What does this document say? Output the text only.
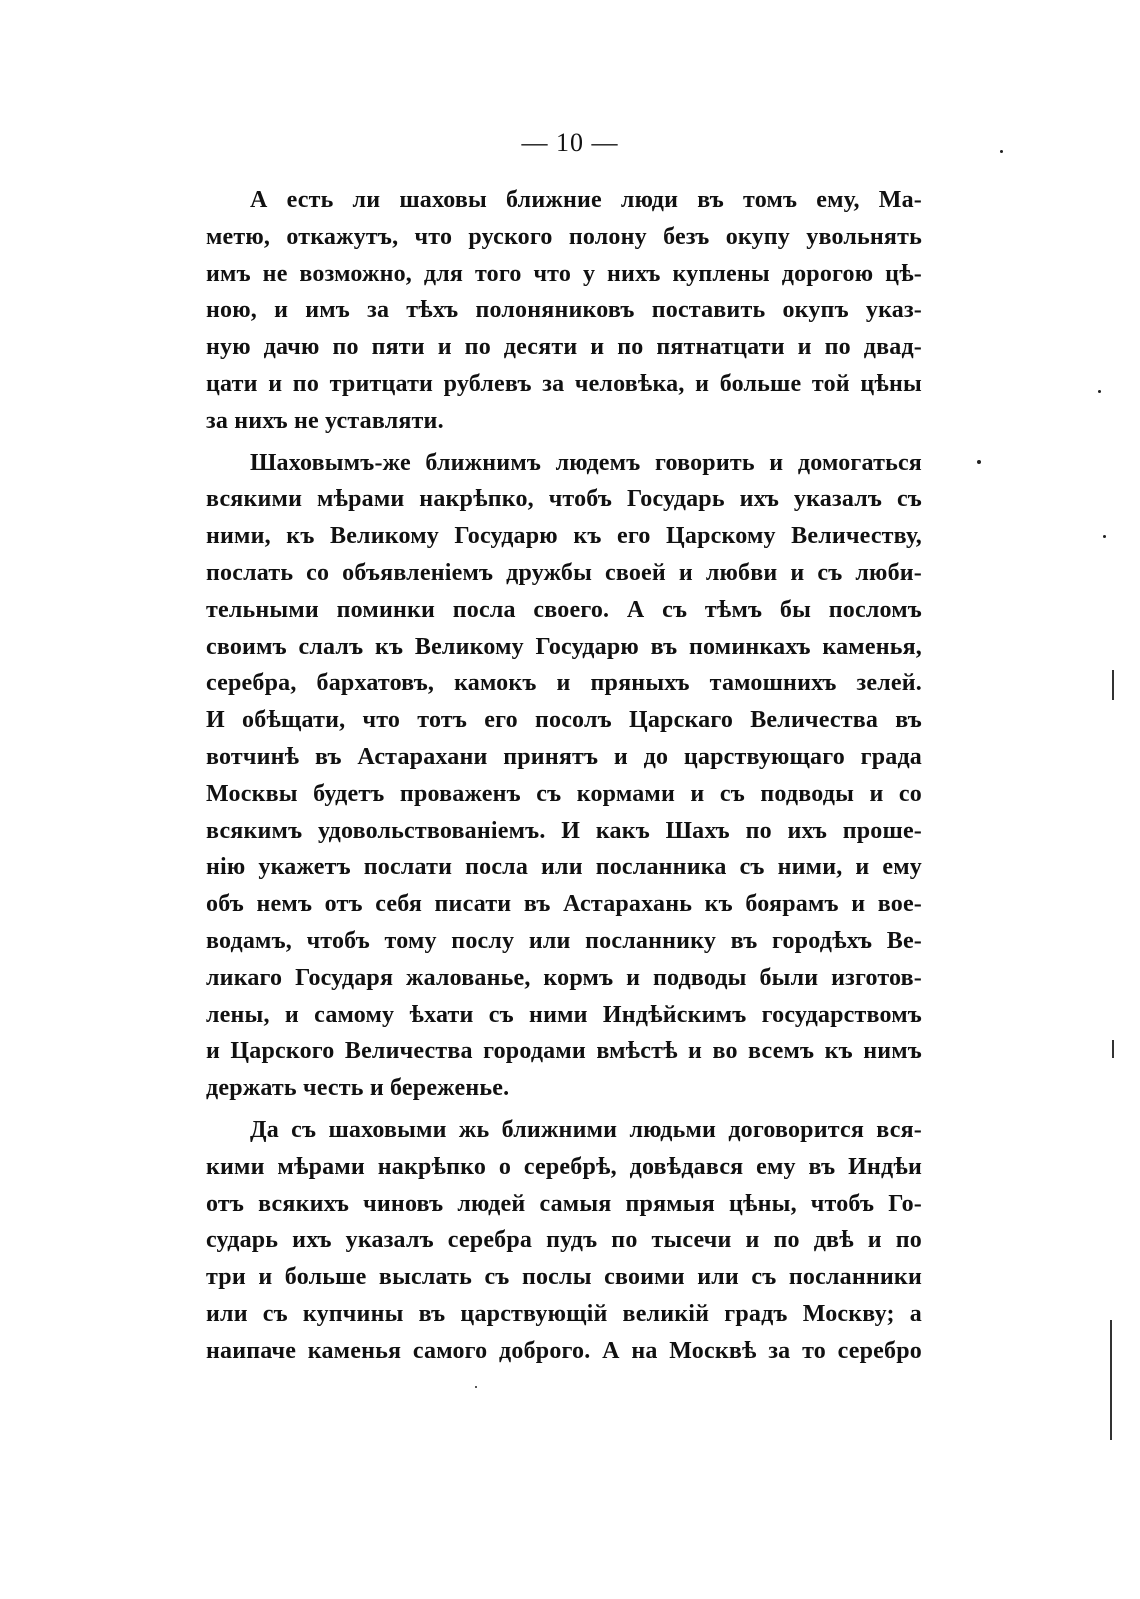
— 10 —
А есть ли шаховы ближние люди въ томъ ему, Ма-
метю, откажутъ, что руского полону безъ окупу увольнять
имъ не возможно, для того что у нихъ куплены дорогою цѣ-
ною, и имъ за тѣхъ полоняниковъ поставить окупъ указ-
ную дачю по пяти и по десяти и по пятнатцати и по двад-
цати и по тритцати рублевъ за человѣка, и больше той цѣны
за нихъ не уставляти.
Шаховымъ-же ближнимъ людемъ говорить и домогаться
всякими мѣрами накрѣпко, чтобъ Государь ихъ указалъ съ
ними, къ Великому Государю къ его Царскому Величеству,
послать со объявленіемъ дружбы своей и любви и съ люби-
тельными поминки посла своего. А съ тѣмъ бы посломъ
своимъ слалъ къ Великому Государю въ поминкахъ каменья,
серебра, бархатовъ, камокъ и пряныхъ тамошнихъ зелей.
И обѣщати, что тотъ его посолъ Царскаго Величества въ
вотчинѣ въ Астарахани принятъ и до царствующаго града
Москвы будетъ провaженъ съ кормами и съ подводы и со
всякимъ удовольствованіемъ. И какъ Шахъ по ихъ проше-
нію укажетъ послати посла или посланника съ ними, и ему
объ немъ отъ себя писати въ Астарахань къ боярамъ и вое-
водамъ, чтобъ тому послу или посланнику въ городѣхъ Ве-
ликаго Государя жалованье, кормъ и подводы были изготов-
лены, и самому ѣхати съ ними Индѣйскимъ государствомъ
и Царского Величества городами вмѣстѣ и во всемъ къ нимъ
держать честь и береженье.
Да съ шаховыми жь ближними людьми договорится вся-
кими мѣрами накрѣпко о серебрѣ, довѣдався ему въ Индѣи
отъ всякихъ чиновъ людей самыя прямыя цѣны, чтобъ Го-
сударь ихъ указалъ серебра пудъ по тысечи и по двѣ и по
три и больше выслать съ послы своими или съ посланники
или съ купчины въ царствующій великій градъ Москву; а
наипаче каменья самого доброго. А на Москвѣ за то серебро
